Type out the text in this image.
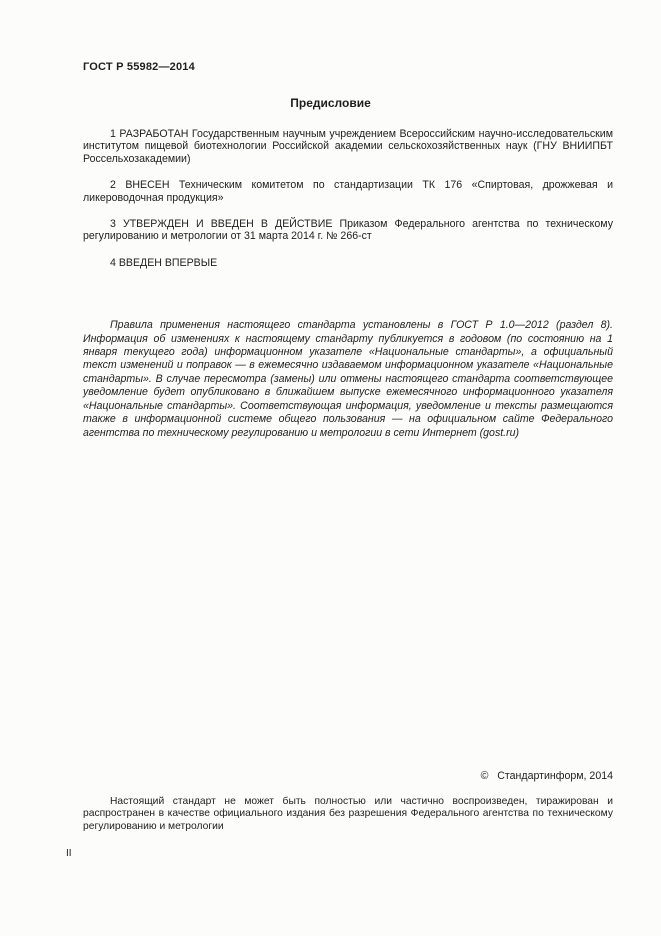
ГОСТ Р 55982—2014
Предисловие

1 РАЗРАБОТАН Государственным научным учреждением Всероссийским научно-исследовательским институтом пищевой биотехнологии Российской академии сельскохозяйственных наук (ГНУ ВНИИПБТ Россельхозакадемии)

2 ВНЕСЕН Техническим комитетом по стандартизации ТК 176 «Спиртовая, дрожжевая и ликероводочная продукция»

3 УТВЕРЖДЕН И ВВЕДЕН В ДЕЙСТВИЕ Приказом Федерального агентства по техническому регулированию и метрологии от 31 марта 2014 г. № 266-ст

4 ВВЕДЕН ВПЕРВЫЕ

Правила применения настоящего стандарта установлены в ГОСТ Р 1.0—2012 (раздел 8). Информация об изменениях к настоящему стандарту публикуется в годовом (по состоянию на 1 января текущего года) информационном указателе «Национальные стандарты», а официальный текст изменений и поправок — в ежемесячно издаваемом информационном указателе «Национальные стандарты». В случае пересмотра (замены) или отмены настоящего стандарта соответствующее уведомление будет опубликовано в ближайшем выпуске ежемесячного информационного указателя «Национальные стандарты». Соответствующая информация, уведомление и тексты размещаются также в информационной системе общего пользования — на официальном сайте Федерального агентства по техническому регулированию и метрологии в сети Интернет (gost.ru)

©   Стандартинформ, 2014
Настоящий стандарт не может быть полностью или частично воспроизведен, тиражирован и распространен в качестве официального издания без разрешения Федерального агентства по техническому регулированию и метрологии
II
